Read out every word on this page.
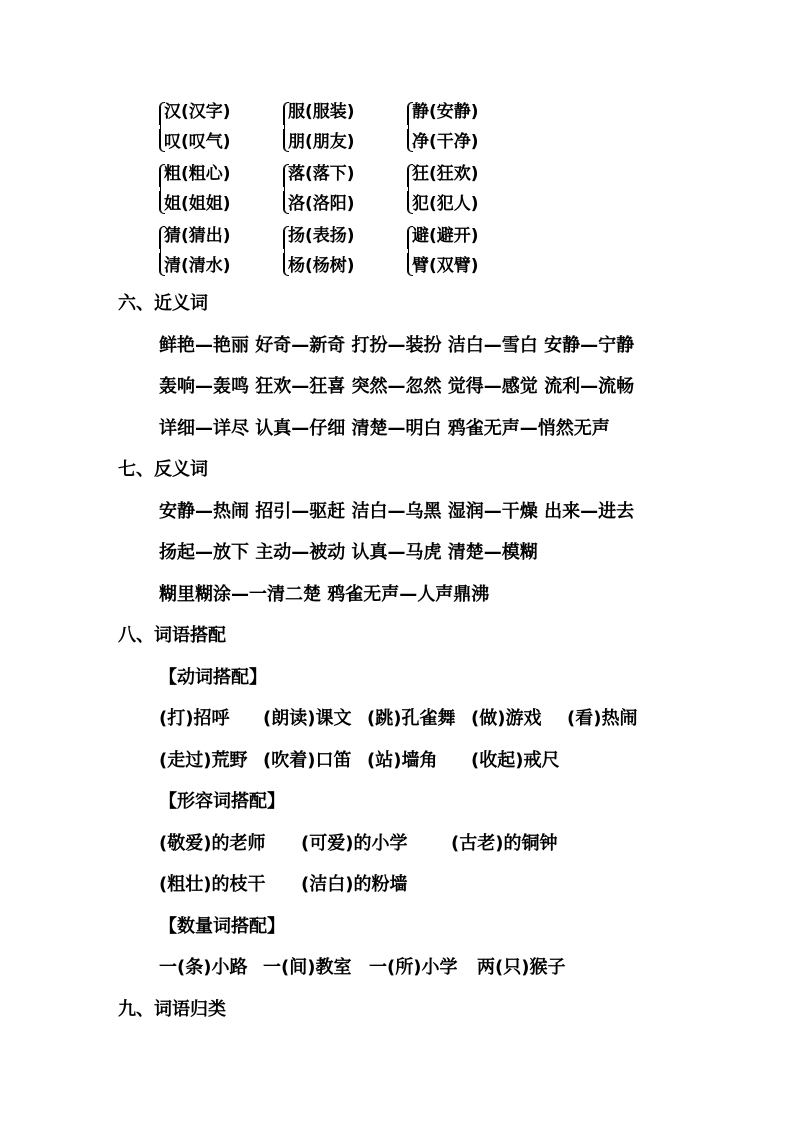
汉(汉字)
叹(叹气)
服(服装)
朋(朋友)
静(安静)
净(干净)
粗(粗心)
姐(姐姐)
落(落下)
洛(洛阳)
狂(狂欢)
犯(犯人)
猜(猜出)
清(清水)
扬(表扬)
杨(杨树)
避(避开)
臂(双臂)
六、近义词
鲜艳—艳丽 好奇—新奇 打扮—装扮 洁白—雪白 安静—宁静
轰响—轰鸣 狂欢—狂喜 突然—忽然 觉得—感觉 流利—流畅
详细—详尽 认真—仔细 清楚—明白 鸦雀无声—悄然无声
七、反义词
安静—热闹 招引—驱赶 洁白—乌黑 湿润—干燥 出来—进去
扬起—放下 主动—被动 认真—马虎 清楚—模糊
糊里糊涂—一清二楚 鸦雀无声—人声鼎沸
八、词语搭配
【动词搭配】
(打)招呼 (朗读)课文 (跳)孔雀舞 (做)游戏 (看)热闹
(走过)荒野 (吹着)口笛 (站)墙角 (收起)戒尺
【形容词搭配】
(敬爱)的老师 (可爱)的小学 (古老)的铜钟
(粗壮)的枝干 (洁白)的粉墙
【数量词搭配】
一(条)小路 一(间)教室 一(所)小学 两(只)猴子
九、词语归类
